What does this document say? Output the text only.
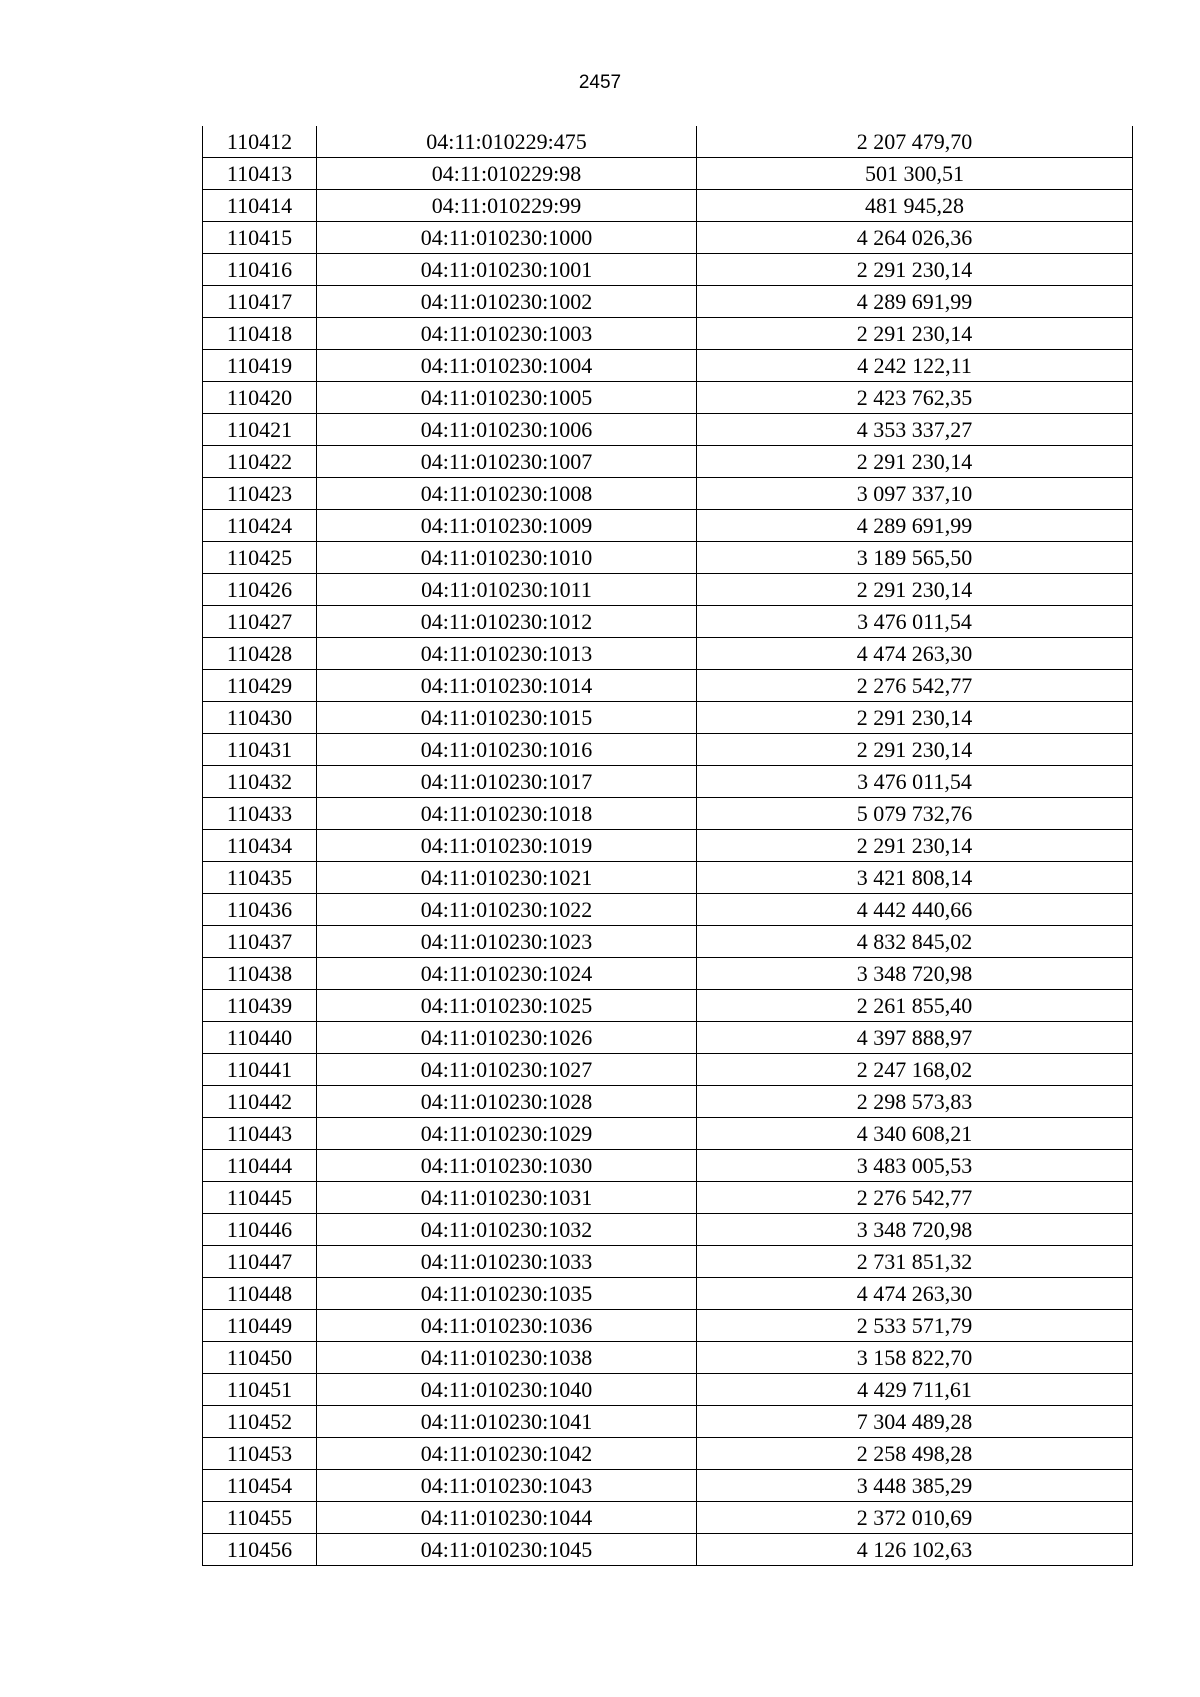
2457
110412	04:11:010229:475	2 207 479,70
110413	04:11:010229:98	501 300,51
110414	04:11:010229:99	481 945,28
110415	04:11:010230:1000	4 264 026,36
110416	04:11:010230:1001	2 291 230,14
110417	04:11:010230:1002	4 289 691,99
110418	04:11:010230:1003	2 291 230,14
110419	04:11:010230:1004	4 242 122,11
110420	04:11:010230:1005	2 423 762,35
110421	04:11:010230:1006	4 353 337,27
110422	04:11:010230:1007	2 291 230,14
110423	04:11:010230:1008	3 097 337,10
110424	04:11:010230:1009	4 289 691,99
110425	04:11:010230:1010	3 189 565,50
110426	04:11:010230:1011	2 291 230,14
110427	04:11:010230:1012	3 476 011,54
110428	04:11:010230:1013	4 474 263,30
110429	04:11:010230:1014	2 276 542,77
110430	04:11:010230:1015	2 291 230,14
110431	04:11:010230:1016	2 291 230,14
110432	04:11:010230:1017	3 476 011,54
110433	04:11:010230:1018	5 079 732,76
110434	04:11:010230:1019	2 291 230,14
110435	04:11:010230:1021	3 421 808,14
110436	04:11:010230:1022	4 442 440,66
110437	04:11:010230:1023	4 832 845,02
110438	04:11:010230:1024	3 348 720,98
110439	04:11:010230:1025	2 261 855,40
110440	04:11:010230:1026	4 397 888,97
110441	04:11:010230:1027	2 247 168,02
110442	04:11:010230:1028	2 298 573,83
110443	04:11:010230:1029	4 340 608,21
110444	04:11:010230:1030	3 483 005,53
110445	04:11:010230:1031	2 276 542,77
110446	04:11:010230:1032	3 348 720,98
110447	04:11:010230:1033	2 731 851,32
110448	04:11:010230:1035	4 474 263,30
110449	04:11:010230:1036	2 533 571,79
110450	04:11:010230:1038	3 158 822,70
110451	04:11:010230:1040	4 429 711,61
110452	04:11:010230:1041	7 304 489,28
110453	04:11:010230:1042	2 258 498,28
110454	04:11:010230:1043	3 448 385,29
110455	04:11:010230:1044	2 372 010,69
110456	04:11:010230:1045	4 126 102,63
